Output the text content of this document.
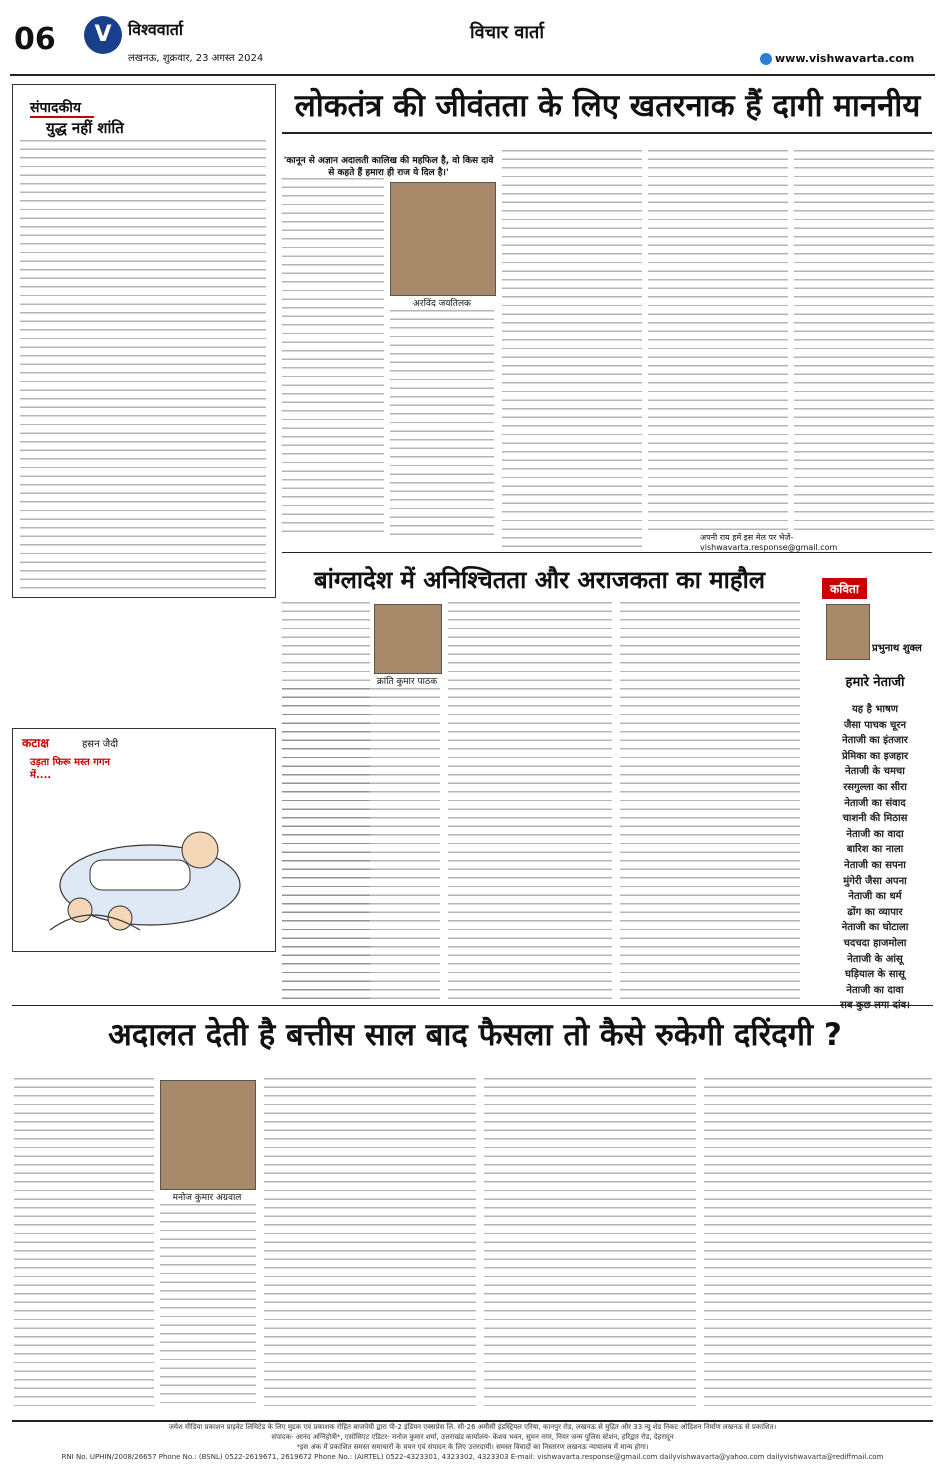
06	V	विश्ववार्ता
लखनऊ, शुक्रवार, 23 अगस्त 2024
विचार वार्ता
www.vishwavarta.com
संपादकीय
युद्ध नहीं शांति
लोकतंत्र की जीवंतता के लिए खतरनाक हैं दागी माननीय
'कानून से अज्ञान अदालती कालिख की महफिल है, वो किस दावे से कहते हैं हमारा ही राज ये दिल है।'
अरविंद जयतिलक
अपनी राय हमें इस मेल पर भेजें- vishwavarta.response@gmail.com
बांग्लादेश में अनिश्चितता और अराजकता का माहौल
क्रांति कुमार पाठक
कविता
प्रभुनाथ शुक्ल
हमारे नेताजी
यह है भाषण
जैसा पाचक चूरन
नेताजी का इंतजार
प्रेमिका का इजहार
नेताजी के चमचा
रसगुल्ला का सीरा
नेताजी का संवाद
चाशनी की मिठास
नेताजी का वादा
बारिश का नाला
नेताजी का सपना
मुंगेरी जैसा अपना
नेताजी का धर्म
ढोंग का व्यापार
नेताजी का घोटाला
चदचदा हाजमोला
नेताजी के आंसू
घड़ियाल के सासू
नेताजी का दावा
कटाक्ष	हसन जैदी
उड़ता फिरू मस्त गगन में....
अदालत देती है बत्तीस साल बाद फैसला तो कैसे रुकेगी दरिंदगी ?
मनोज कुमार अग्रवाल
जयेश मीडिया प्रकाशन प्राइवेट लिमिटेड के लिए मुद्रक एवं प्रकाशक रोहित बाजपेयी द्वारा पी-2 इंडियन एक्सप्रेस लि. सी-26 अमौसी इंडस्ट्रियल एरिया, कानपुर रोड, लखनऊ से मुद्रित और 33 न्यू शेड निकट ओडिशन निर्माण लखनऊ से प्रकाशित।
संपादक- आनंद अग्निहोत्री*, एसोसिएट एडिटर- मनोज कुमार शर्मा, उत्तराखंड कार्यालय- केशव भवन, सुमन नगर, नियर जन्म पुलिस स्टेशन, हरिद्वार रोड, देहरादून
*इस अंक में प्रकाशित समस्त समाचारों के चयन एवं संपादन के लिए उत्तरदायी। समस्त विवादों का निस्तारण लखनऊ न्यायालय में मान्य होगा।
RNI No. UPHIN/2008/26657 Phone No.: (BSNL) 0522-2619671, 2619672 Phone No.: (AIRTEL) 0522-4323301, 4323302, 4323303 E-mail: vishwavarta.response@gmail.com dailyvishwavarta@yahoo.com dailyvishwavarta@rediffmail.com
